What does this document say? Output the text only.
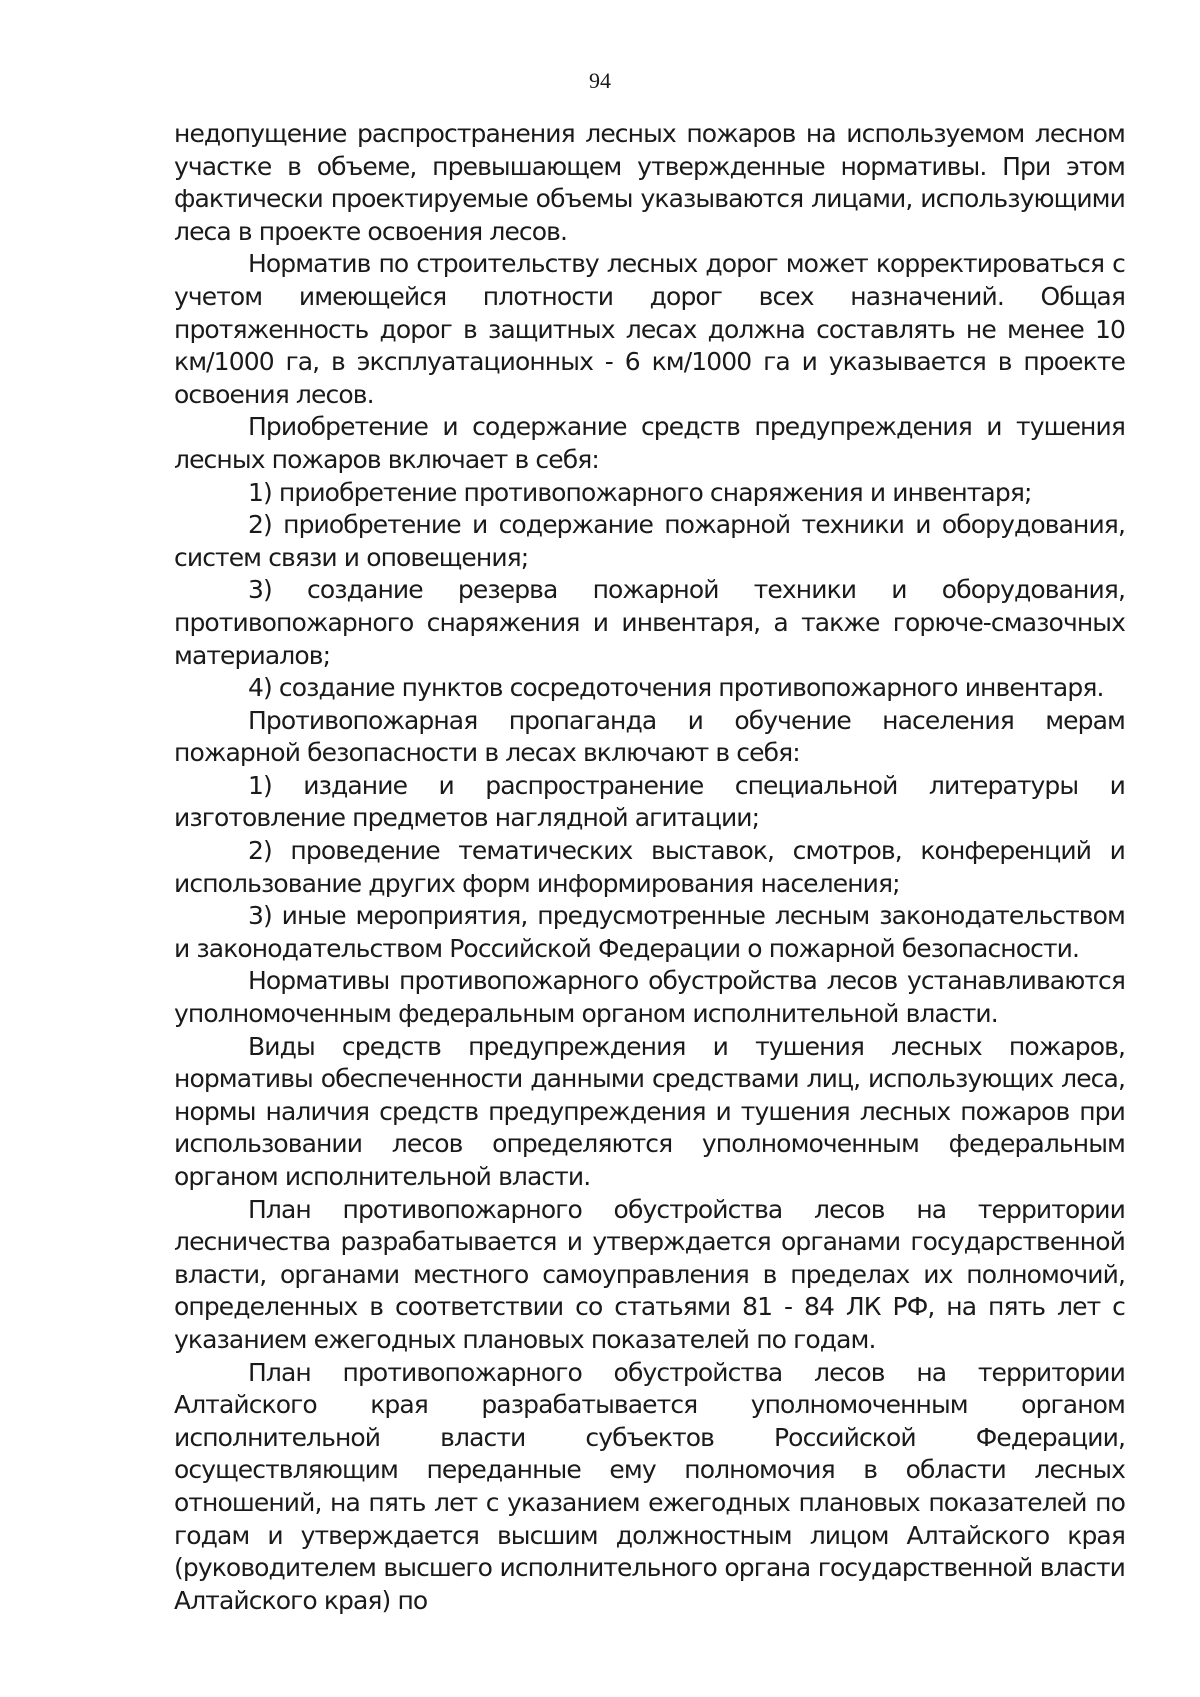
94

недопущение распространения лесных пожаров на используемом лесном участке в объеме, превышающем утвержденные нормативы. При этом фактически проектируемые объемы указываются лицами, использующими леса в проекте освоения лесов.

Норматив по строительству лесных дорог может корректироваться с учетом имеющейся плотности дорог всех назначений. Общая протяженность дорог в защитных лесах должна составлять не менее 10 км/1000 га, в эксплуатационных - 6 км/1000 га и указывается в проекте освоения лесов.

Приобретение и содержание средств предупреждения и тушения лесных пожаров включает в себя:

1) приобретение противопожарного снаряжения и инвентаря;

2) приобретение и содержание пожарной техники и оборудования, систем связи и оповещения;

3) создание резерва пожарной техники и оборудования, противопожарного снаряжения и инвентаря, а также горюче-смазочных материалов;

4) создание пунктов сосредоточения противопожарного инвентаря.

Противопожарная пропаганда и обучение населения мерам пожарной безопасности в лесах включают в себя:

1) издание и распространение специальной литературы и изготовление предметов наглядной агитации;

2) проведение тематических выставок, смотров, конференций и использование других форм информирования населения;

3) иные мероприятия, предусмотренные лесным законодательством и законодательством Российской Федерации о пожарной безопасности.

Нормативы противопожарного обустройства лесов устанавливаются уполномоченным федеральным органом исполнительной власти.

Виды средств предупреждения и тушения лесных пожаров, нормативы обеспеченности данными средствами лиц, использующих леса, нормы наличия средств предупреждения и тушения лесных пожаров при использовании лесов определяются уполномоченным федеральным органом исполнительной власти.

План противопожарного обустройства лесов на территории лесничества разрабатывается и утверждается органами государственной власти, органами местного самоуправления в пределах их полномочий, определенных в соответствии со статьями 81 - 84 ЛК РФ, на пять лет с указанием ежегодных плановых показателей по годам.

План противопожарного обустройства лесов на территории Алтайского края разрабатывается уполномоченным органом исполнительной власти субъектов Российской Федерации, осуществляющим переданные ему полномочия в области лесных отношений, на пять лет с указанием ежегодных плановых показателей по годам и утверждается высшим должностным лицом Алтайского края (руководителем высшего исполнительного органа государственной власти Алтайского края) по
